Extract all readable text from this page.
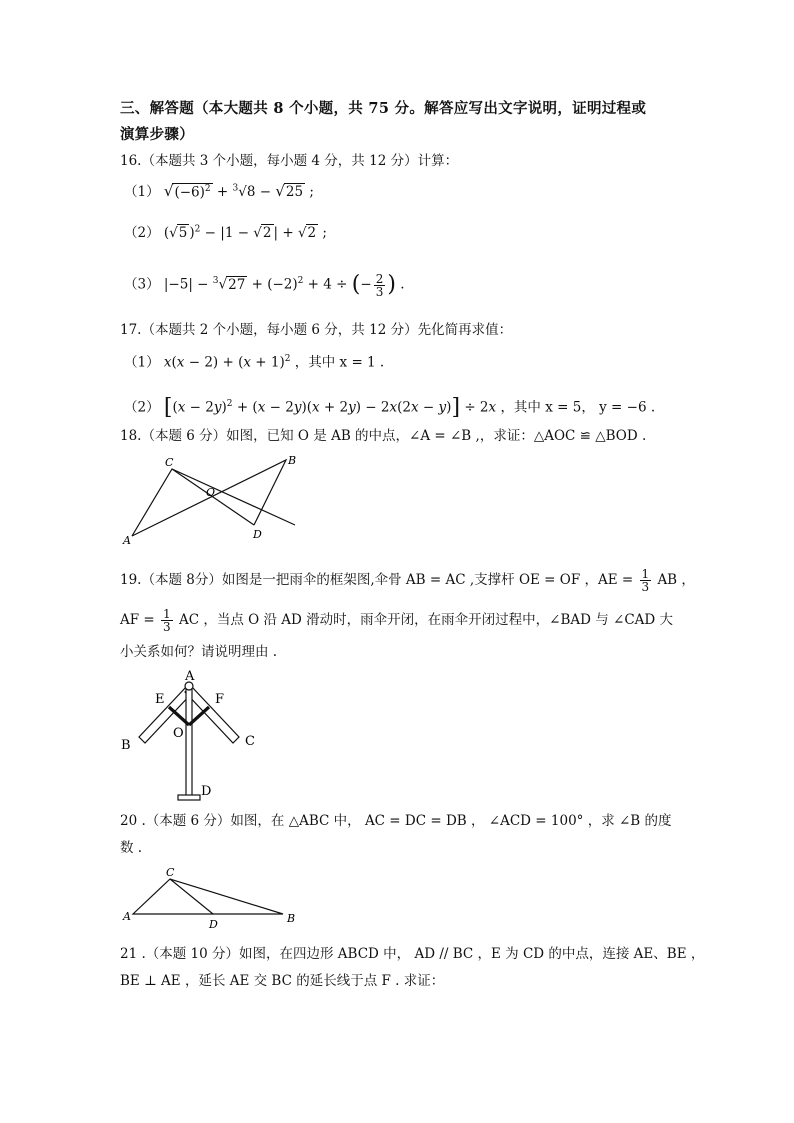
三、解答题（本大题共 8 个小题，共 75 分。解答应写出文字说明，证明过程或
演算步骤）
16.（本题共 3 个小题，每小题 4 分，共 12 分）计算：
（1） $√(-6)^2 + ^3√8 - √25$ ;
（2） (√5 )$^2$ − |1 − √2 | + √2 ;
（3） $|-5| - ^3√27 + (-2)^2 + 4$ ÷ (− $\frac{2}{3}$ ) .
17.（本题共 2 个小题，每小题 6 分，共 12 分）先化简再求值：
（1） $x(x - 2) + (x + 1)^2$ ，其中 x = 1 .
（2） $[(x - 2y)^2 + (x - 2y)(x + 2y) - 2x(2x - y)] \div 2x$ ，其中 x = 5， y = −6 .
18.（本题 6 分）如图，已知 O 是 AB 的中点，∠A = ∠B ,，求证：△AOC ≌ △BOD .
A
B
C
D
O
19.（本题 8分）如图是一把雨伞的框架图,伞骨 AB = AC ,支撑杆 OE = OF ，AE = $\frac{1}{3}$ AB ，
AF = $\frac{1}{3}$ AC ，当点 O 沿 AD 滑动时，雨伞开闭，在雨伞开闭过程中，∠BAD 与 ∠CAD 大
小关系如何？请说明理由 .
A
B	C
D
E	F
O
20 .（本题 6 分）如图，在 △ABC 中， AC = DC = DB ， ∠ACD = 100° ，求 ∠B 的度
数 .
A	B
C
D
21 .（本题 10 分）如图，在四边形 ABCD 中， AD // BC ，E 为 CD 的中点，连接 AE、BE ，
BE ⊥ AE ，延长 AE 交 BC 的延长线于点 F . 求证：
